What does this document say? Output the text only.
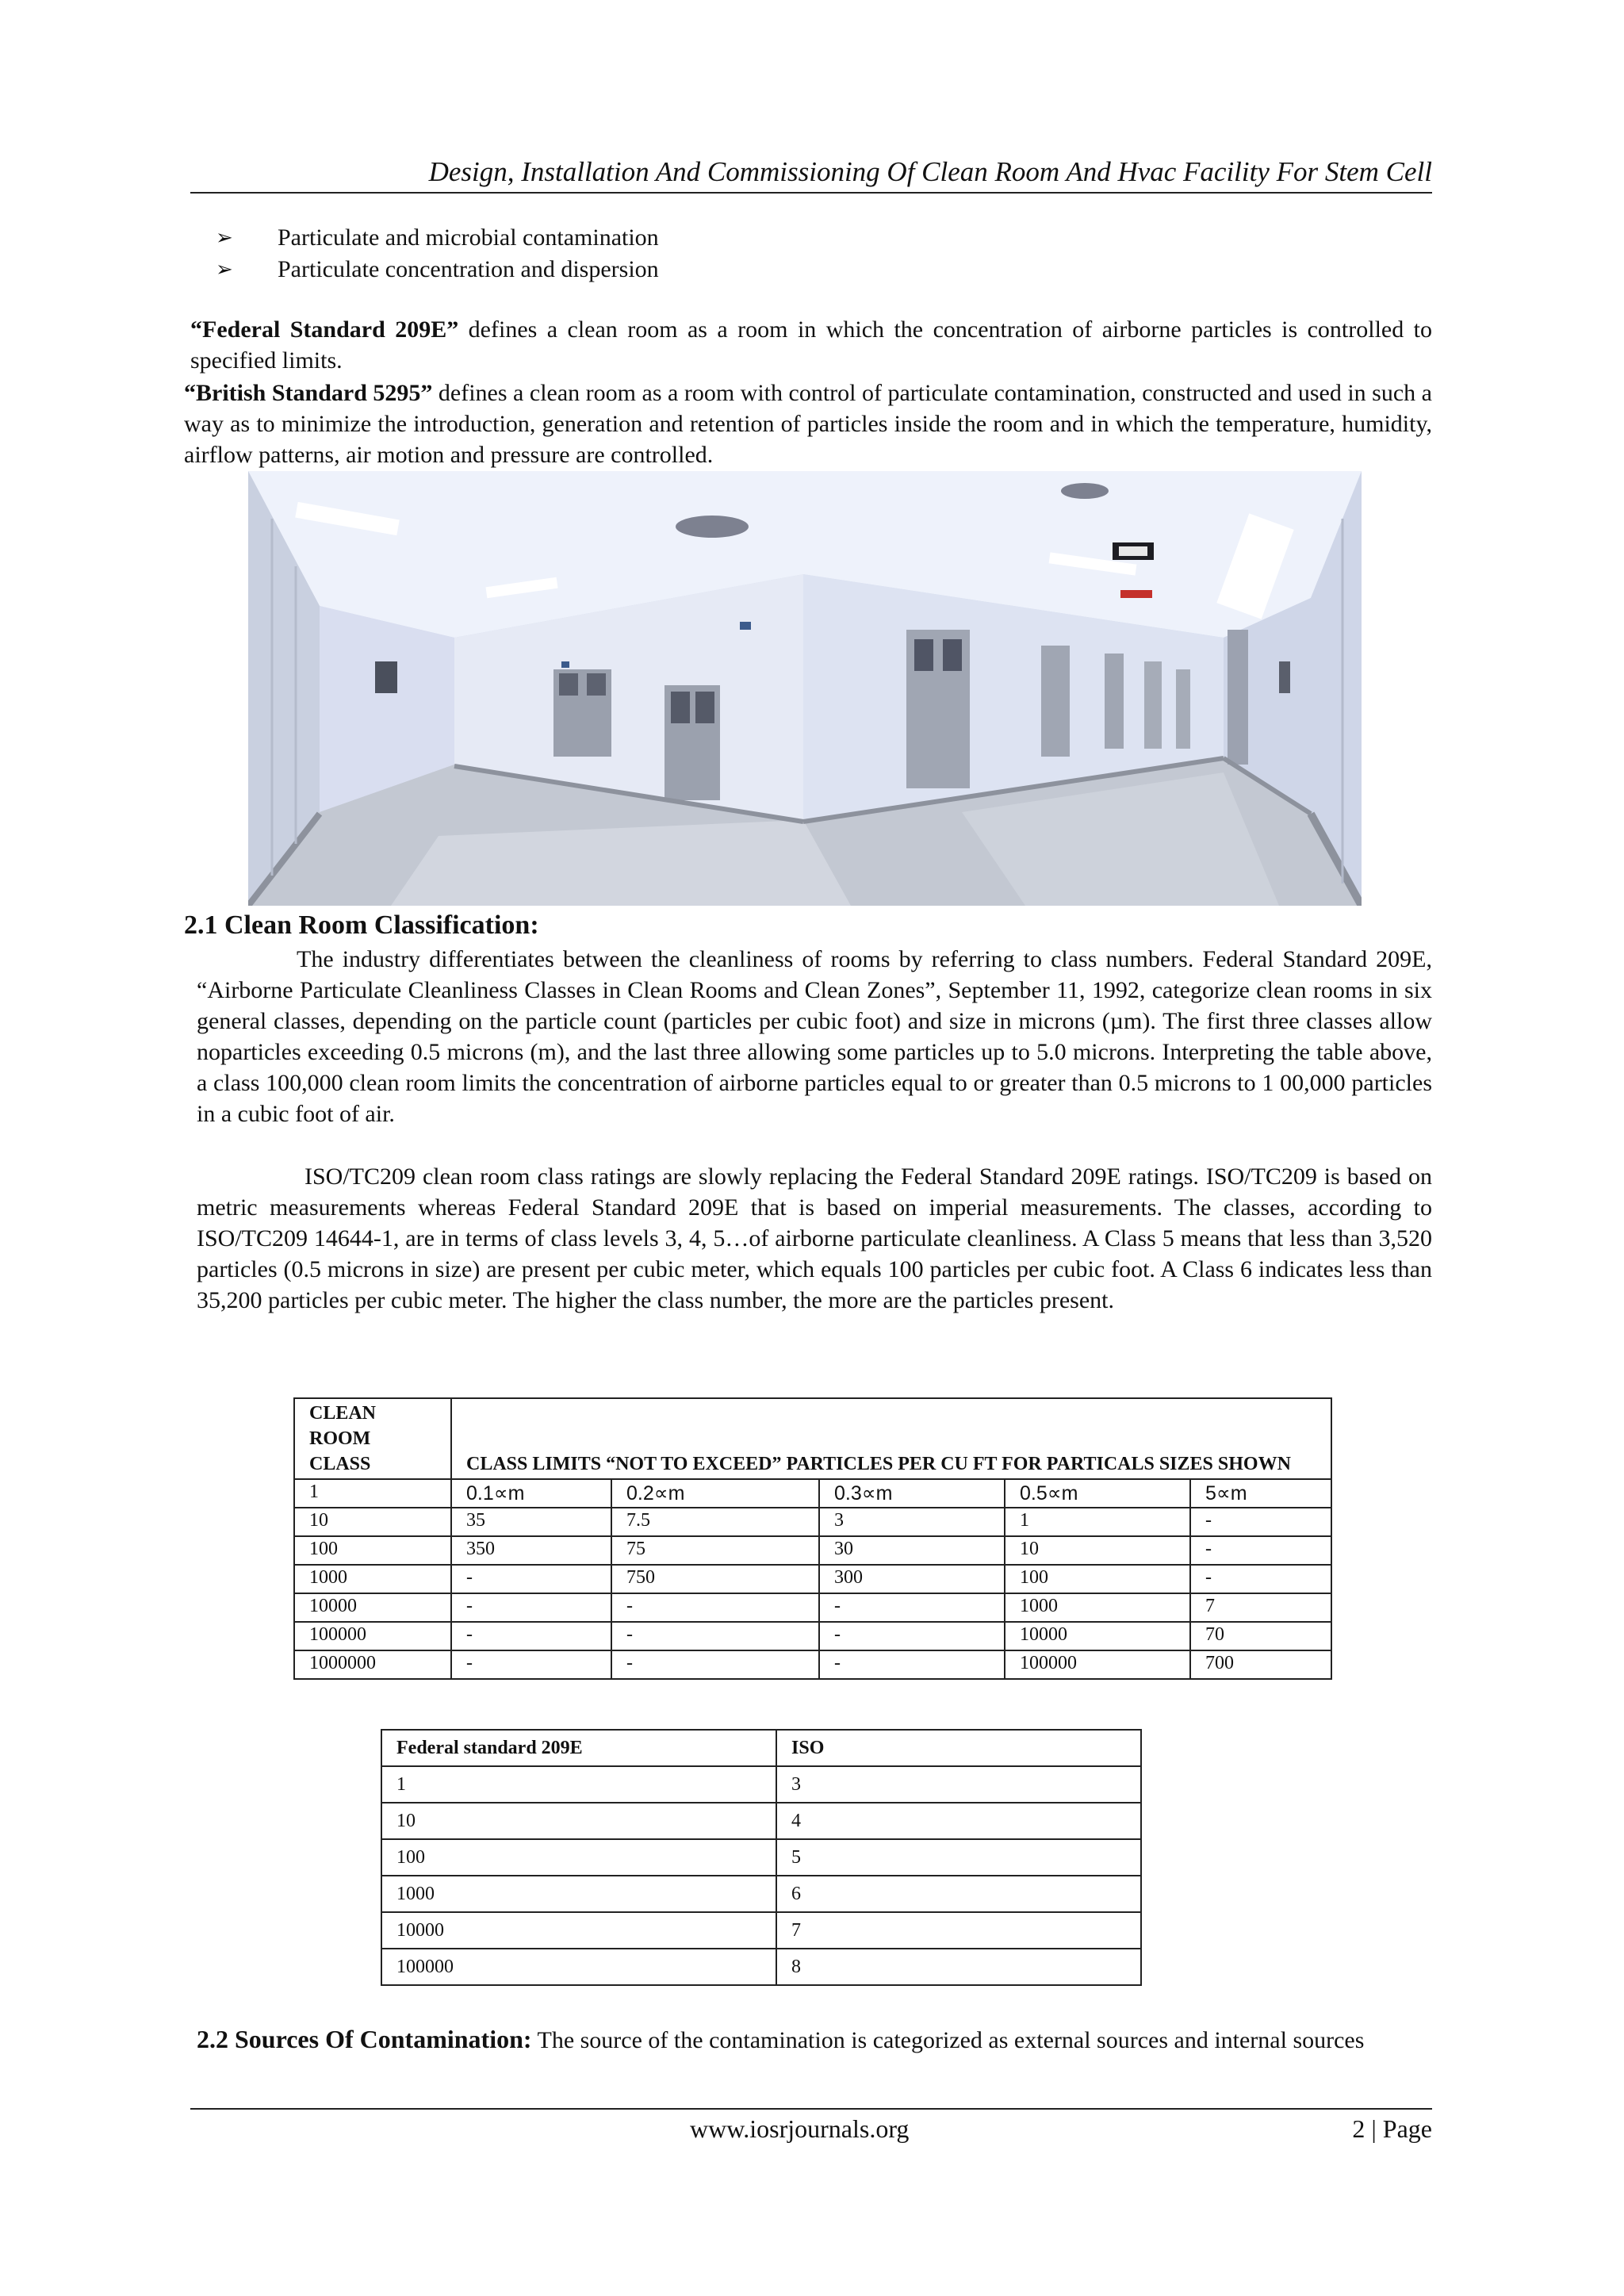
Design, Installation And Commissioning Of Clean Room And Hvac Facility For Stem Cell
➢	Particulate and microbial contamination
➢	Particulate concentration and dispersion
“Federal Standard 209E” defines a clean room as a room in which the concentration of airborne particles is controlled to specified limits.
“British Standard 5295” defines a clean room as a room with control of particulate contamination, constructed and used in such a way as to minimize the introduction, generation and retention of particles inside the room and in which the temperature, humidity, airflow patterns, air motion and pressure are controlled.
2.1 Clean Room Classification:
The industry differentiates between the cleanliness of rooms by referring to class numbers. Federal Standard 209E, “Airborne Particulate Cleanliness Classes in Clean Rooms and Clean Zones”, September 11, 1992, categorize clean rooms in six general classes, depending on the particle count (particles per cubic foot) and size in microns (µm). The first three classes allow noparticles exceeding 0.5 microns (m), and the last three allowing some particles up to 5.0 microns. Interpreting the table above, a class 100,000 clean room limits the concentration of airborne particles equal to or greater than 0.5 microns to 1 00,000 particles in a cubic foot of air.
ISO/TC209 clean room class ratings are slowly replacing the Federal Standard 209E ratings. ISO/TC209 is based on metric measurements whereas Federal Standard 209E that is based on imperial measurements. The classes, according to ISO/TC209 14644-1, are in terms of class levels 3, 4, 5…of airborne particulate cleanliness. A Class 5 means that less than 3,520 particles (0.5 microns in size) are present per cubic meter, which equals 100 particles per cubic foot. A Class 6 indicates less than 35,200 particles per cubic meter. The higher the class number, the more are the particles present.
CLEAN ROOM CLASS	CLASS LIMITS “NOT TO EXCEED” PARTICLES PER CU FT FOR PARTICALS SIZES SHOWN				
1	0.1∝m	0.2∝m	0.3∝m	0.5∝m	5∝m
10	35	7.5	3	1	-
100	350	75	30	10	-
1000	-	750	300	100	-
10000	-	-	-	1000	7
100000	-	-	-	10000	70
1000000	-	-	-	100000	700
Federal standard 209E	ISO
1	3
10	4
100	5
1000	6
10000	7
100000	8
2.2 Sources Of Contamination: The source of the contamination is categorized as external sources and internal sources
www.iosrjournals.org	2 | Page
